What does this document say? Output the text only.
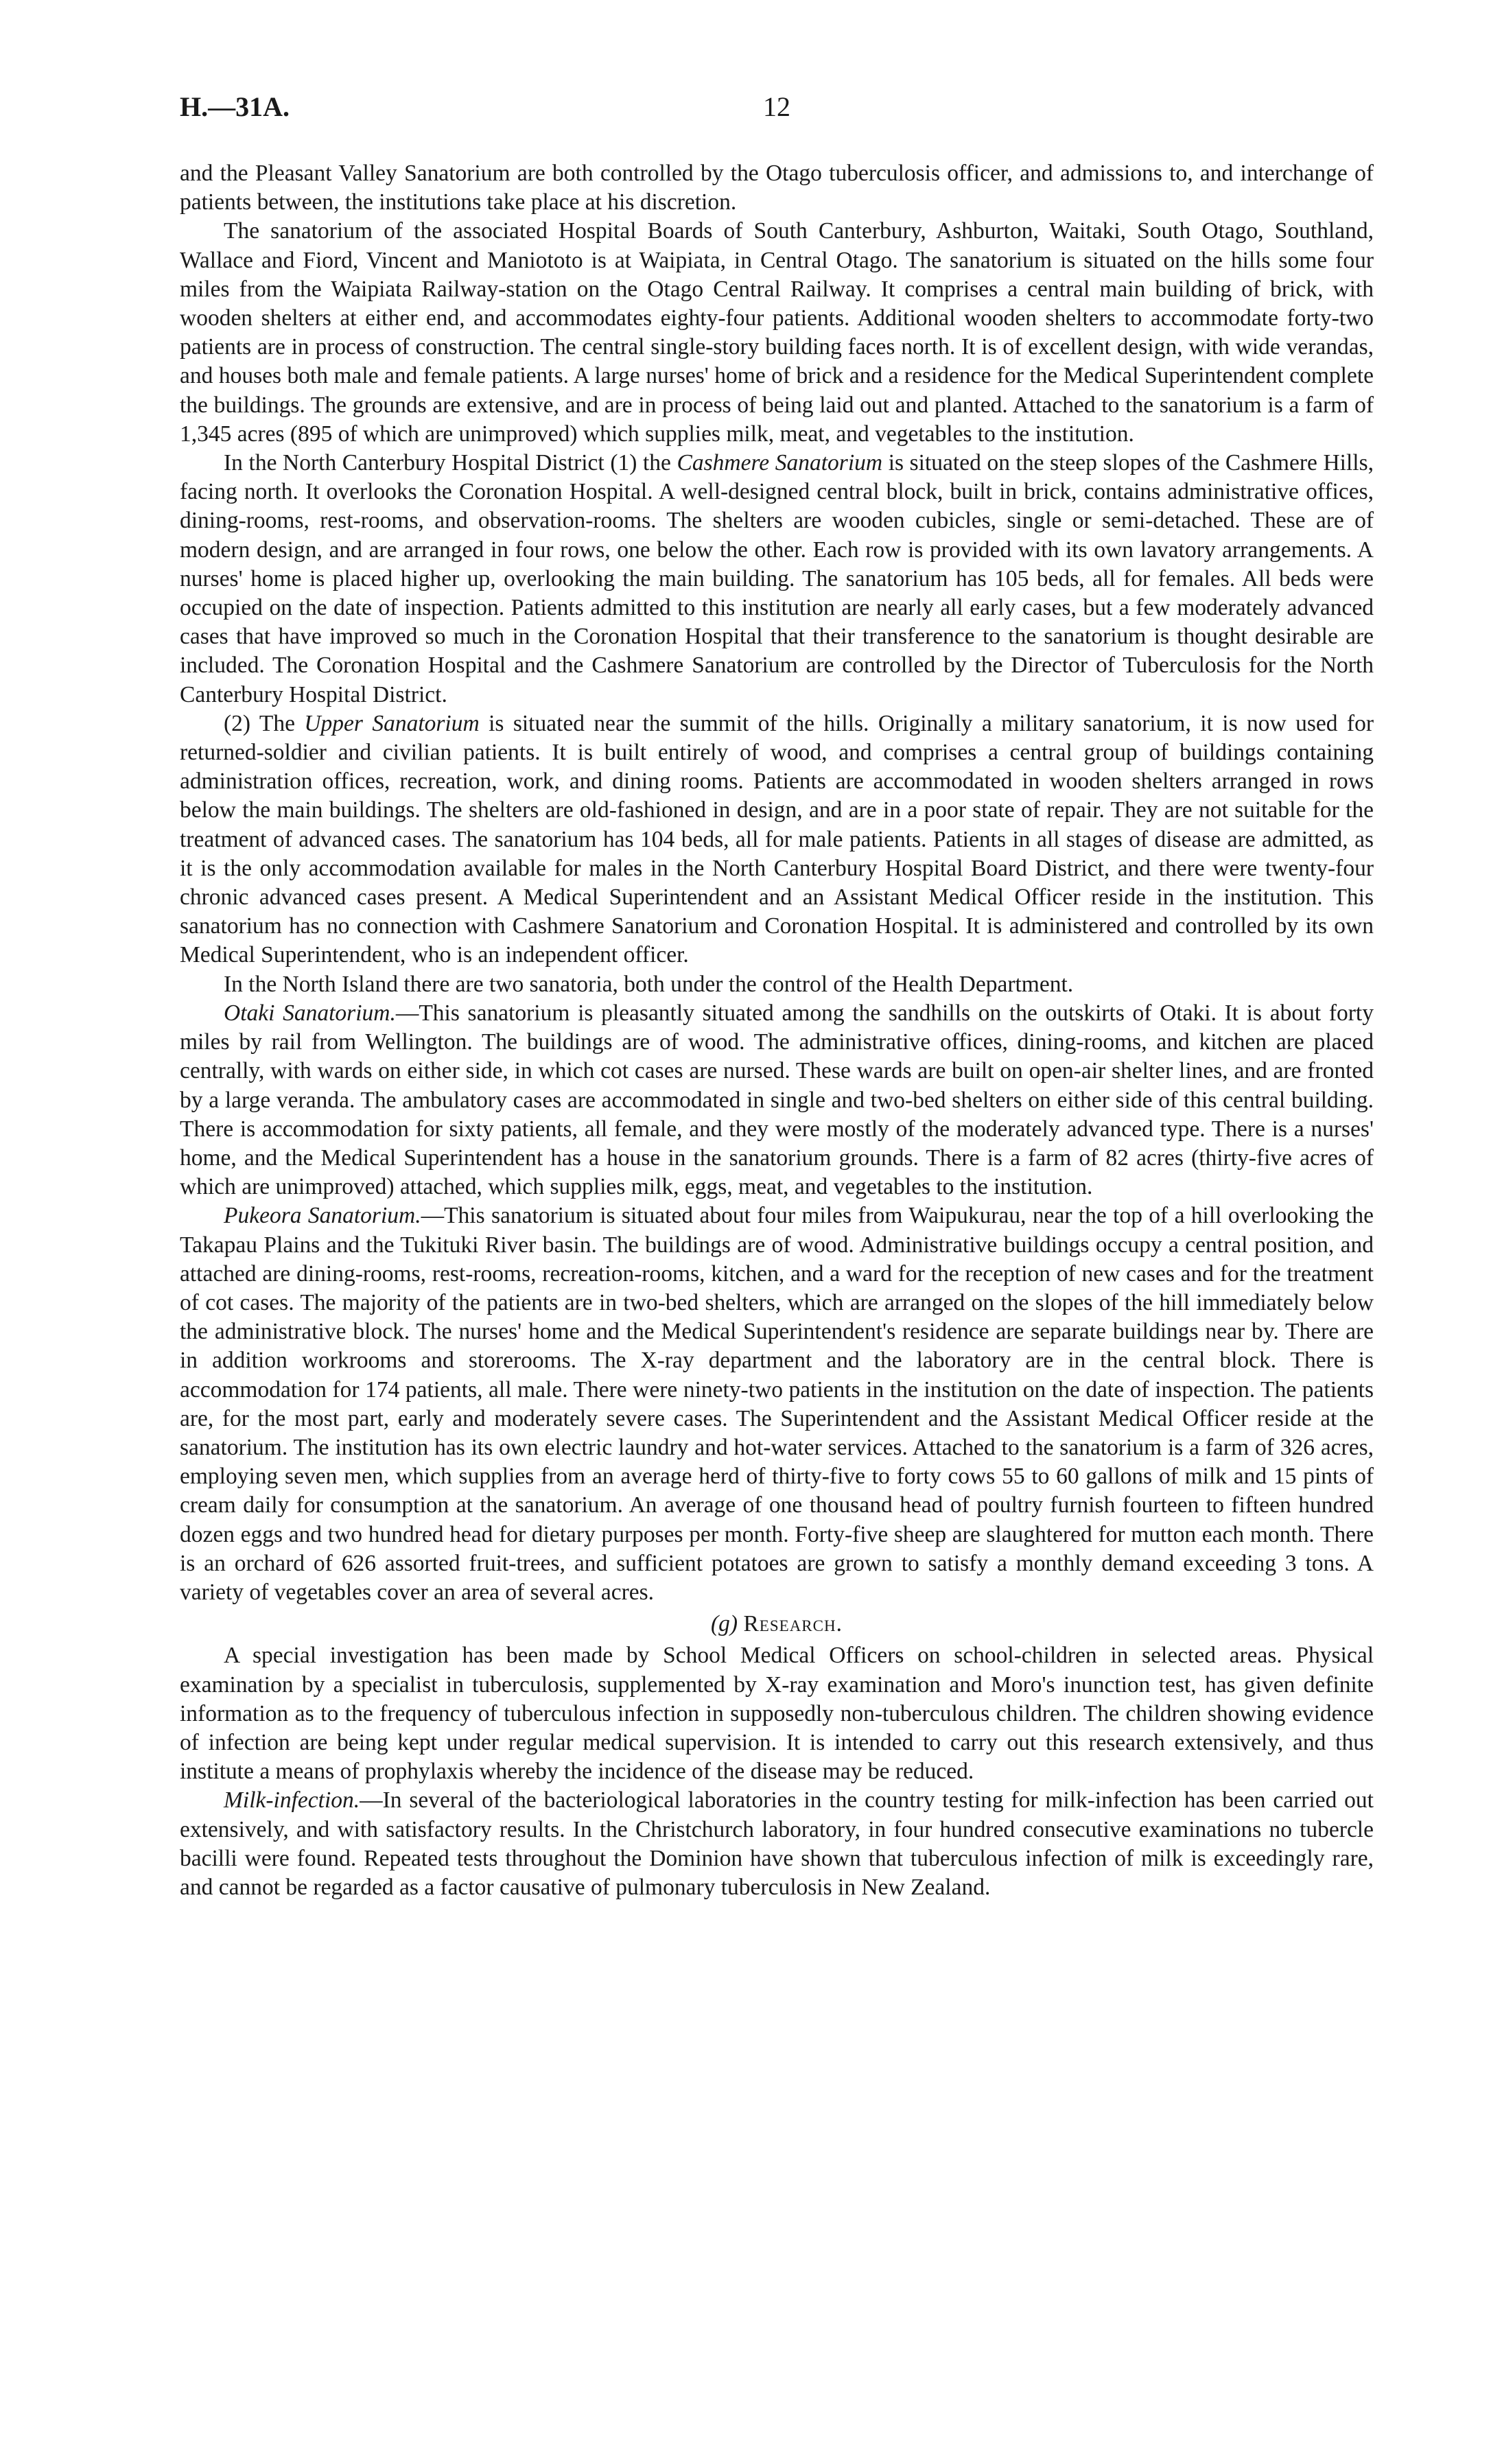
H.—31A.	12

and the Pleasant Valley Sanatorium are both controlled by the Otago tuberculosis officer, and admissions to, and interchange of patients between, the institutions take place at his discretion.

The sanatorium of the associated Hospital Boards of South Canterbury, Ashburton, Waitaki, South Otago, Southland, Wallace and Fiord, Vincent and Maniototo is at Waipiata, in Central Otago. The sanatorium is situated on the hills some four miles from the Waipiata Railway-station on the Otago Central Railway. It comprises a central main building of brick, with wooden shelters at either end, and accommodates eighty-four patients. Additional wooden shelters to accommodate forty-two patients are in process of construction. The central single-story building faces north. It is of excellent design, with wide verandas, and houses both male and female patients. A large nurses' home of brick and a residence for the Medical Superintendent complete the buildings. The grounds are extensive, and are in process of being laid out and planted. Attached to the sanatorium is a farm of 1,345 acres (895 of which are unimproved) which supplies milk, meat, and vegetables to the institution.

In the North Canterbury Hospital District (1) the Cashmere Sanatorium is situated on the steep slopes of the Cashmere Hills, facing north. It overlooks the Coronation Hospital. A well-designed central block, built in brick, contains administrative offices, dining-rooms, rest-rooms, and observation-rooms. The shelters are wooden cubicles, single or semi-detached. These are of modern design, and are arranged in four rows, one below the other. Each row is provided with its own lavatory arrangements. A nurses' home is placed higher up, overlooking the main building. The sanatorium has 105 beds, all for females. All beds were occupied on the date of inspection. Patients admitted to this institution are nearly all early cases, but a few moderately advanced cases that have improved so much in the Coronation Hospital that their transference to the sanatorium is thought desirable are included. The Coronation Hospital and the Cashmere Sanatorium are controlled by the Director of Tuberculosis for the North Canterbury Hospital District.

(2) The Upper Sanatorium is situated near the summit of the hills. Originally a military sanatorium, it is now used for returned-soldier and civilian patients. It is built entirely of wood, and comprises a central group of buildings containing administration offices, recreation, work, and dining rooms. Patients are accommodated in wooden shelters arranged in rows below the main buildings. The shelters are old-fashioned in design, and are in a poor state of repair. They are not suitable for the treatment of advanced cases. The sanatorium has 104 beds, all for male patients. Patients in all stages of disease are admitted, as it is the only accommodation available for males in the North Canterbury Hospital Board District, and there were twenty-four chronic advanced cases present. A Medical Superintendent and an Assistant Medical Officer reside in the institution. This sanatorium has no connection with Cashmere Sanatorium and Coronation Hospital. It is administered and controlled by its own Medical Superintendent, who is an independent officer.

In the North Island there are two sanatoria, both under the control of the Health Department.

Otaki Sanatorium.—This sanatorium is pleasantly situated among the sandhills on the outskirts of Otaki. It is about forty miles by rail from Wellington. The buildings are of wood. The administrative offices, dining-rooms, and kitchen are placed centrally, with wards on either side, in which cot cases are nursed. These wards are built on open-air shelter lines, and are fronted by a large veranda. The ambulatory cases are accommodated in single and two-bed shelters on either side of this central building. There is accommodation for sixty patients, all female, and they were mostly of the moderately advanced type. There is a nurses' home, and the Medical Superintendent has a house in the sanatorium grounds. There is a farm of 82 acres (thirty-five acres of which are unimproved) attached, which supplies milk, eggs, meat, and vegetables to the institution.

Pukeora Sanatorium.—This sanatorium is situated about four miles from Waipukurau, near the top of a hill overlooking the Takapau Plains and the Tukituki River basin. The buildings are of wood. Administrative buildings occupy a central position, and attached are dining-rooms, rest-rooms, recreation-rooms, kitchen, and a ward for the reception of new cases and for the treatment of cot cases. The majority of the patients are in two-bed shelters, which are arranged on the slopes of the hill immediately below the administrative block. The nurses' home and the Medical Superintendent's residence are separate buildings near by. There are in addition workrooms and storerooms. The X-ray department and the laboratory are in the central block. There is accommodation for 174 patients, all male. There were ninety-two patients in the institution on the date of inspection. The patients are, for the most part, early and moderately severe cases. The Superintendent and the Assistant Medical Officer reside at the sanatorium. The institution has its own electric laundry and hot-water services. Attached to the sanatorium is a farm of 326 acres, employing seven men, which supplies from an average herd of thirty-five to forty cows 55 to 60 gallons of milk and 15 pints of cream daily for consumption at the sanatorium. An average of one thousand head of poultry furnish fourteen to fifteen hundred dozen eggs and two hundred head for dietary purposes per month. Forty-five sheep are slaughtered for mutton each month. There is an orchard of 626 assorted fruit-trees, and sufficient potatoes are grown to satisfy a monthly demand exceeding 3 tons. A variety of vegetables cover an area of several acres.

(g) Research.

A special investigation has been made by School Medical Officers on school-children in selected areas. Physical examination by a specialist in tuberculosis, supplemented by X-ray examination and Moro's inunction test, has given definite information as to the frequency of tuberculous infection in supposedly non-tuberculous children. The children showing evidence of infection are being kept under regular medical supervision. It is intended to carry out this research extensively, and thus institute a means of prophylaxis whereby the incidence of the disease may be reduced.

Milk-infection.—In several of the bacteriological laboratories in the country testing for milk-infection has been carried out extensively, and with satisfactory results. In the Christchurch laboratory, in four hundred consecutive examinations no tubercle bacilli were found. Repeated tests throughout the Dominion have shown that tuberculous infection of milk is exceedingly rare, and cannot be regarded as a factor causative of pulmonary tuberculosis in New Zealand.
